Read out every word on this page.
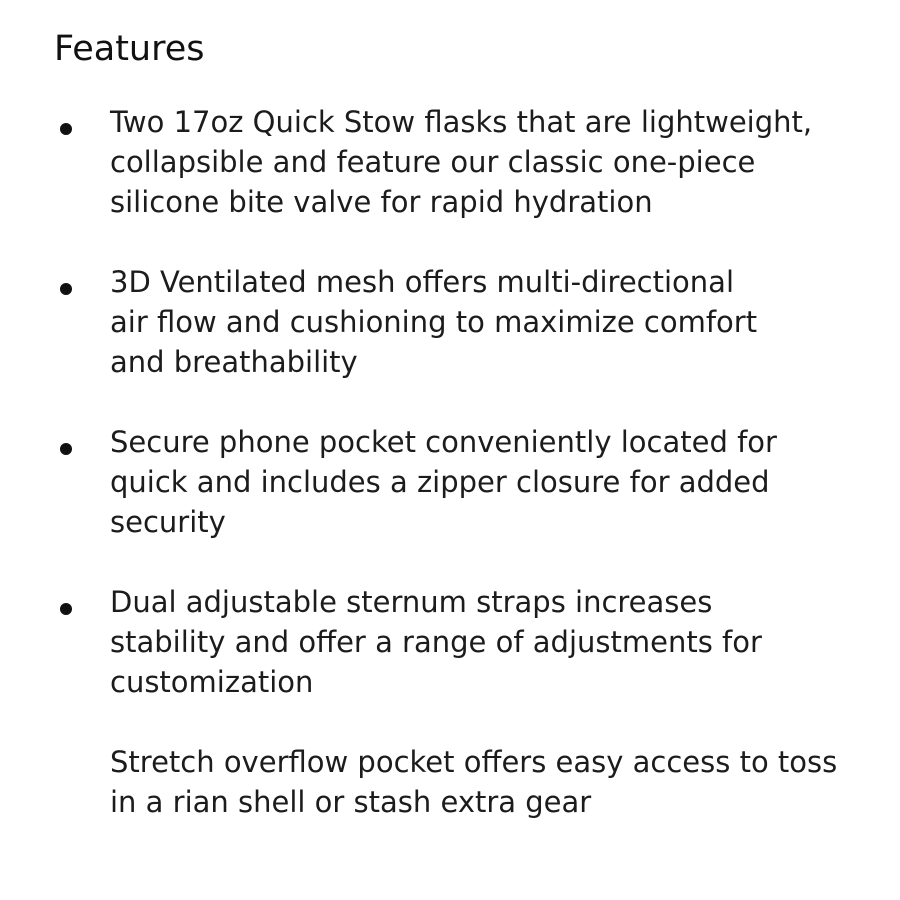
Features

Two 17oz Quick Stow flasks that are lightweight,
collapsible and feature our classic one-piece
silicone bite valve for rapid hydration

3D Ventilated mesh offers multi-directional
air flow and cushioning to maximize comfort
and breathability

Secure phone pocket conveniently located for
quick and includes a zipper closure for added
security

Dual adjustable sternum straps increases
stability and offer a range of adjustments for
customization

Stretch overflow pocket offers easy access to toss
in a rian shell or stash extra gear
